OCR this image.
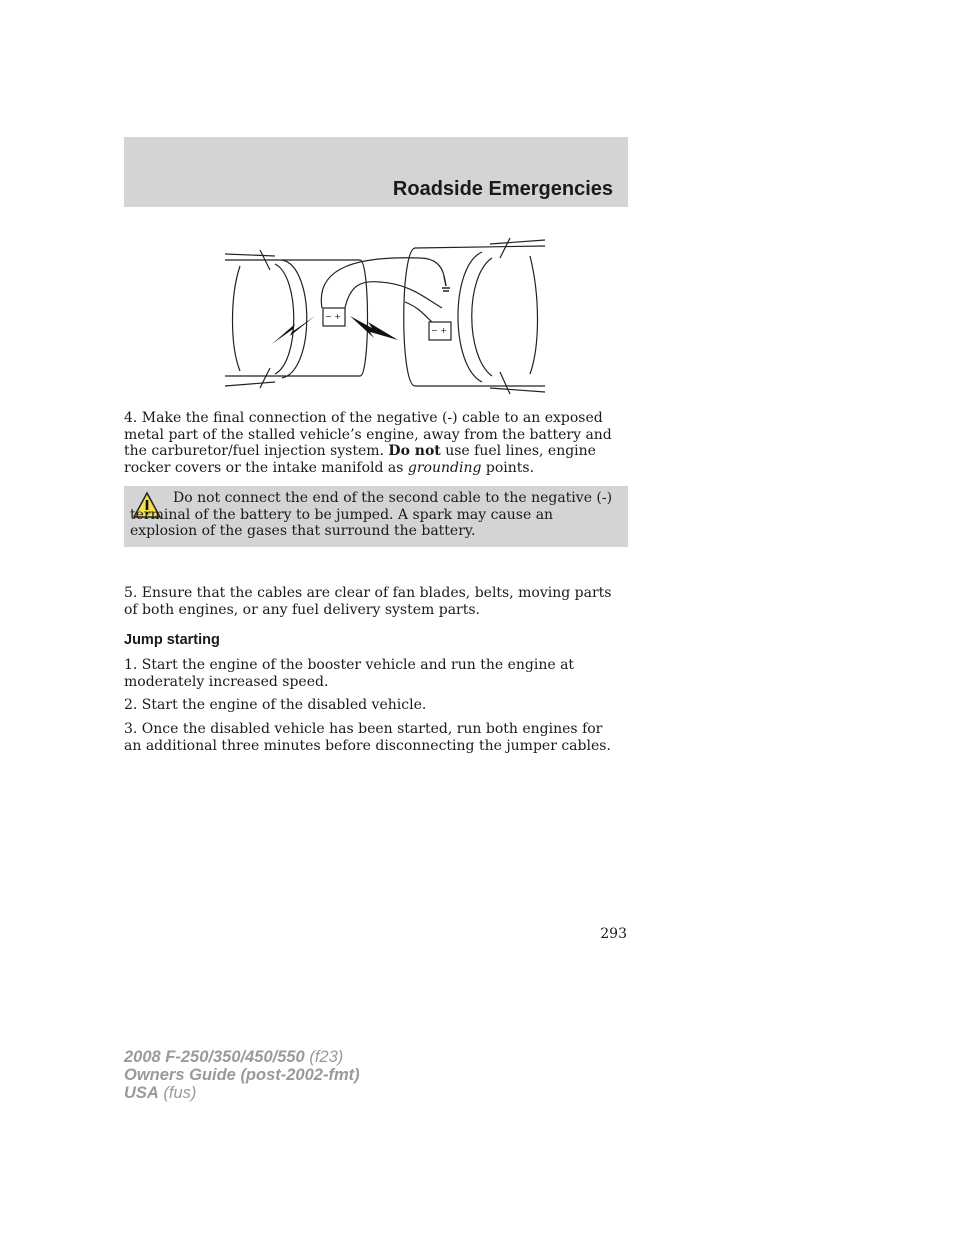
Roadside Emergencies
− +
− +
4. Make the final connection of the negative (-) cable to an exposed metal part of the stalled vehicle’s engine, away from the battery and the carburetor/fuel injection system. Do not use fuel lines, engine rocker covers or the intake manifold as grounding points.
Do not connect the end of the second cable to the negative (-) terminal of the battery to be jumped. A spark may cause an explosion of the gases that surround the battery.
5. Ensure that the cables are clear of fan blades, belts, moving parts of both engines, or any fuel delivery system parts.
Jump starting
1. Start the engine of the booster vehicle and run the engine at moderately increased speed.
2. Start the engine of the disabled vehicle.
3. Once the disabled vehicle has been started, run both engines for an additional three minutes before disconnecting the jumper cables.
293
2008 F-250/350/450/550 (f23)
Owners Guide (post-2002-fmt)
USA (fus)
